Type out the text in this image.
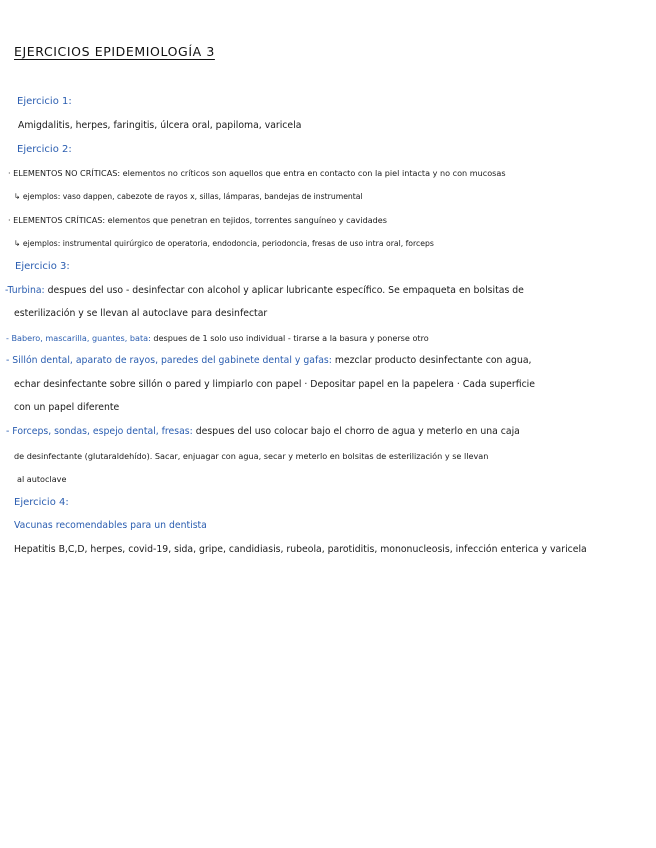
EJERCICIOS EPIDEMIOLOGÍA 3
Ejercicio 1:
Amigdalitis, herpes, faringitis, úlcera oral, papiloma, varicela
Ejercicio 2:
· ELEMENTOS NO CRÍTICAS: elementos no críticos son aquellos que entra en contacto con la piel intacta y no con mucosas
↳ ejemplos: vaso dappen, cabezote de rayos x, sillas, lámparas, bandejas de instrumental
· ELEMENTOS CRÍTICAS: elementos que penetran en tejidos, torrentes sanguíneo y cavidades
↳ ejemplos: instrumental quirúrgico de operatoria, endodoncia, periodoncia, fresas de uso intra oral, forceps
Ejercicio 3:
-Turbina: despues del uso - desinfectar con alcohol y aplicar lubricante específico. Se empaqueta en bolsitas de
esterilización y se llevan al autoclave para desinfectar
- Babero, mascarilla, guantes, bata: despues de 1 solo uso individual - tirarse a la basura y ponerse otro
- Sillón dental, aparato de rayos, paredes del gabinete dental y gafas: mezclar producto desinfectante con agua,
echar desinfectante sobre sillón o pared y limpiarlo con papel · Depositar papel en la papelera · Cada superficie
con un papel diferente
- Forceps, sondas, espejo dental, fresas: despues del uso colocar bajo el chorro de agua y meterlo en una caja
de desinfectante (glutaraldehído). Sacar, enjuagar con agua, secar y meterlo en bolsitas de esterilización y se llevan
al autoclave
Ejercicio 4:
Vacunas recomendables para un dentista
Hepatitis B,C,D, herpes, covid-19, sida, gripe, candidiasis, rubeola, parotiditis, mononucleosis, infección enterica y varicela
